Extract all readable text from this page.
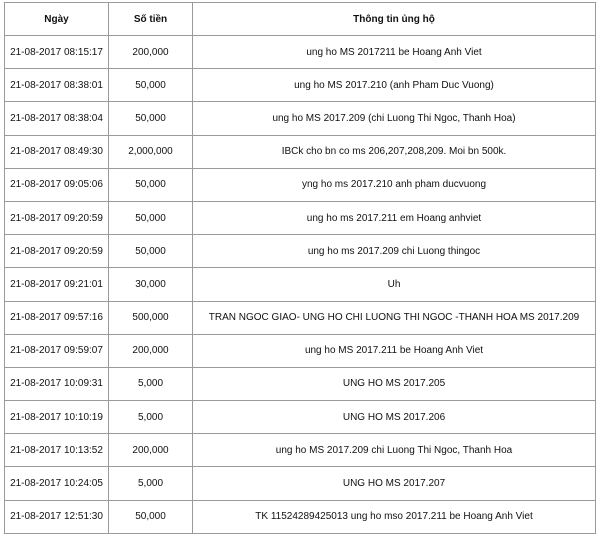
Ngày	Số tiền	Thông tin ủng hộ
21-08-2017 08:15:17	200,000	ung ho MS 2017211 be Hoang Anh Viet
21-08-2017 08:38:01	50,000	ung ho MS 2017.210 (anh Pham Duc Vuong)
21-08-2017 08:38:04	50,000	ung ho MS 2017.209 (chi Luong Thi Ngoc, Thanh Hoa)
21-08-2017 08:49:30	2,000,000	IBCk cho bn co ms 206,207,208,209. Moi bn 500k.
21-08-2017 09:05:06	50,000	yng ho ms 2017.210 anh pham ducvuong
21-08-2017 09:20:59	50,000	ung ho ms 2017.211 em Hoang anhviet
21-08-2017 09:20:59	50,000	ung ho ms 2017.209 chi Luong thingoc
21-08-2017 09:21:01	30,000	Uh
21-08-2017 09:57:16	500,000	TRAN NGOC GIAO- UNG HO CHI LUONG THI NGOC -THANH HOA MS 2017.209
21-08-2017 09:59:07	200,000	ung ho MS 2017.211 be Hoang Anh Viet
21-08-2017 10:09:31	5,000	UNG HO MS 2017.205
21-08-2017 10:10:19	5,000	UNG HO MS 2017.206
21-08-2017 10:13:52	200,000	ung ho MS 2017.209 chi Luong Thi Ngoc, Thanh Hoa
21-08-2017 10:24:05	5,000	UNG HO MS 2017.207
21-08-2017 12:51:30	50,000	TK 11524289425013 ung ho mso 2017.211 be Hoang Anh Viet
